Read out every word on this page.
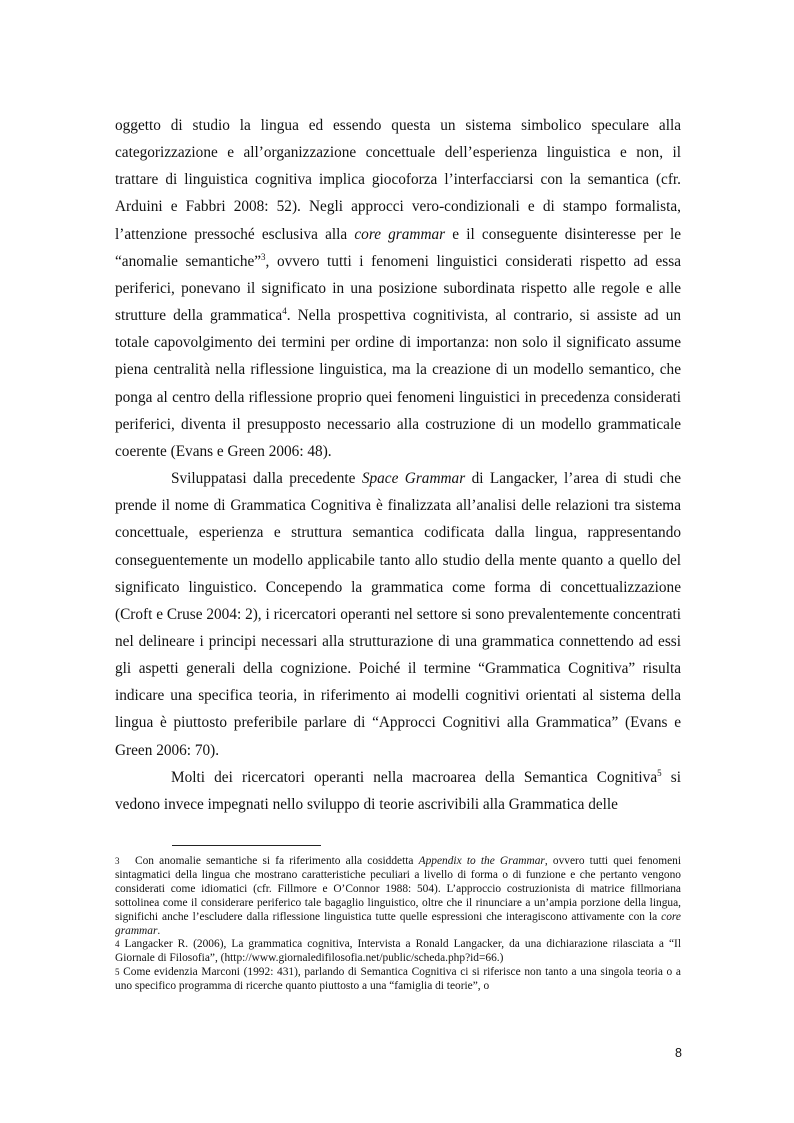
oggetto di studio la lingua ed essendo questa un sistema simbolico speculare alla categorizzazione e all’organizzazione concettuale dell’esperienza linguistica e non, il trattare di linguistica cognitiva implica giocoforza l’interfacciarsi con la semantica (cfr. Arduini e Fabbri 2008: 52). Negli approcci vero-condizionali e di stampo formalista, l’attenzione pressoché esclusiva alla core grammar e il conseguente disinteresse per le “anomalie semantiche”$^3$, ovvero tutti i fenomeni linguistici considerati rispetto ad essa periferici, ponevano il significato in una posizione subordinata rispetto alle regole e alle strutture della grammatica$^4$. Nella prospettiva cognitivista, al contrario, si assiste ad un totale capovolgimento dei termini per ordine di importanza: non solo il significato assume piena centralità nella riflessione linguistica, ma la creazione di un modello semantico, che ponga al centro della riflessione proprio quei fenomeni linguistici in precedenza considerati periferici, diventa il presupposto necessario alla costruzione di un modello grammaticale coerente (Evans e Green 2006: 48).

Sviluppatasi dalla precedente Space Grammar di Langacker, l’area di studi che prende il nome di Grammatica Cognitiva è finalizzata all’analisi delle relazioni tra sistema concettuale, esperienza e struttura semantica codificata dalla lingua, rappresentando conseguentemente un modello applicabile tanto allo studio della mente quanto a quello del significato linguistico. Concependo la grammatica come forma di concettualizzazione (Croft e Cruse 2004: 2), i ricercatori operanti nel settore si sono prevalentemente concentrati nel delineare i principi necessari alla strutturazione di una grammatica connettendo ad essi gli aspetti generali della cognizione. Poiché il termine “Grammatica Cognitiva” risulta indicare una specifica teoria, in riferimento ai modelli cognitivi orientati al sistema della lingua è piuttosto preferibile parlare di “Approcci Cognitivi alla Grammatica” (Evans e Green 2006: 70).

Molti dei ricercatori operanti nella macroarea della Semantica Cognitiva$^5$ si vedono invece impegnati nello sviluppo di teorie ascrivibili alla Grammatica delle

$^3$ Con anomalie semantiche si fa riferimento alla cosiddetta Appendix to the Grammar, ovvero tutti quei fenomeni sintagmatici della lingua che mostrano caratteristiche peculiari a livello di forma o di funzione e che pertanto vengono considerati come idiomatici (cfr. Fillmore e O’Connor 1988: 504). L’approccio costruzionista di matrice fillmoriana sottolinea come il considerare periferico tale bagaglio linguistico, oltre che il rinunciare a un’ampia porzione della lingua, significhi anche l’escludere dalla riflessione linguistica tutte quelle espressioni che interagiscono attivamente con la core grammar.

$^4$ Langacker R. (2006), La grammatica cognitiva, Intervista a Ronald Langacker, da una dichiarazione rilasciata a “Il Giornale di Filosofia”, (http://www.giornaledifilosofia.net/public/scheda.php?id=66.)

$^5$ Come evidenzia Marconi (1992: 431), parlando di Semantica Cognitiva ci si riferisce non tanto a una singola teoria o a uno specifico programma di ricerche quanto piuttosto a una “famiglia di teorie”, o

8
